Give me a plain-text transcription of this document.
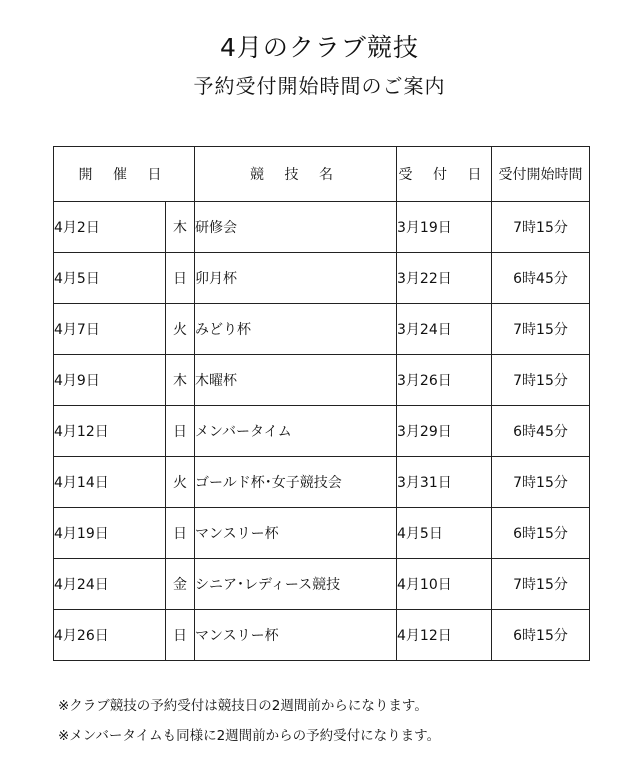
4月のクラブ競技
予約受付開始時間のご案内
開 催 日		競 技 名	受 付 日	受付開始時間
4月2日	木	研修会	3月19日	7時15分
4月5日	日	卯月杯	3月22日	6時45分
4月7日	火	みどり杯	3月24日	7時15分
4月9日	木	木曜杯	3月26日	7時15分
4月12日	日	メンバータイム	3月29日	6時45分
4月14日	火	ゴールド杯･女子競技会	3月31日	7時15分
4月19日	日	マンスリー杯	4月5日	6時15分
4月24日	金	シニア･レディース競技	4月10日	7時15分
4月26日	日	マンスリー杯	4月12日	6時15分
※クラブ競技の予約受付は競技日の2週間前からになります。
※メンバータイムも同様に2週間前からの予約受付になります。
